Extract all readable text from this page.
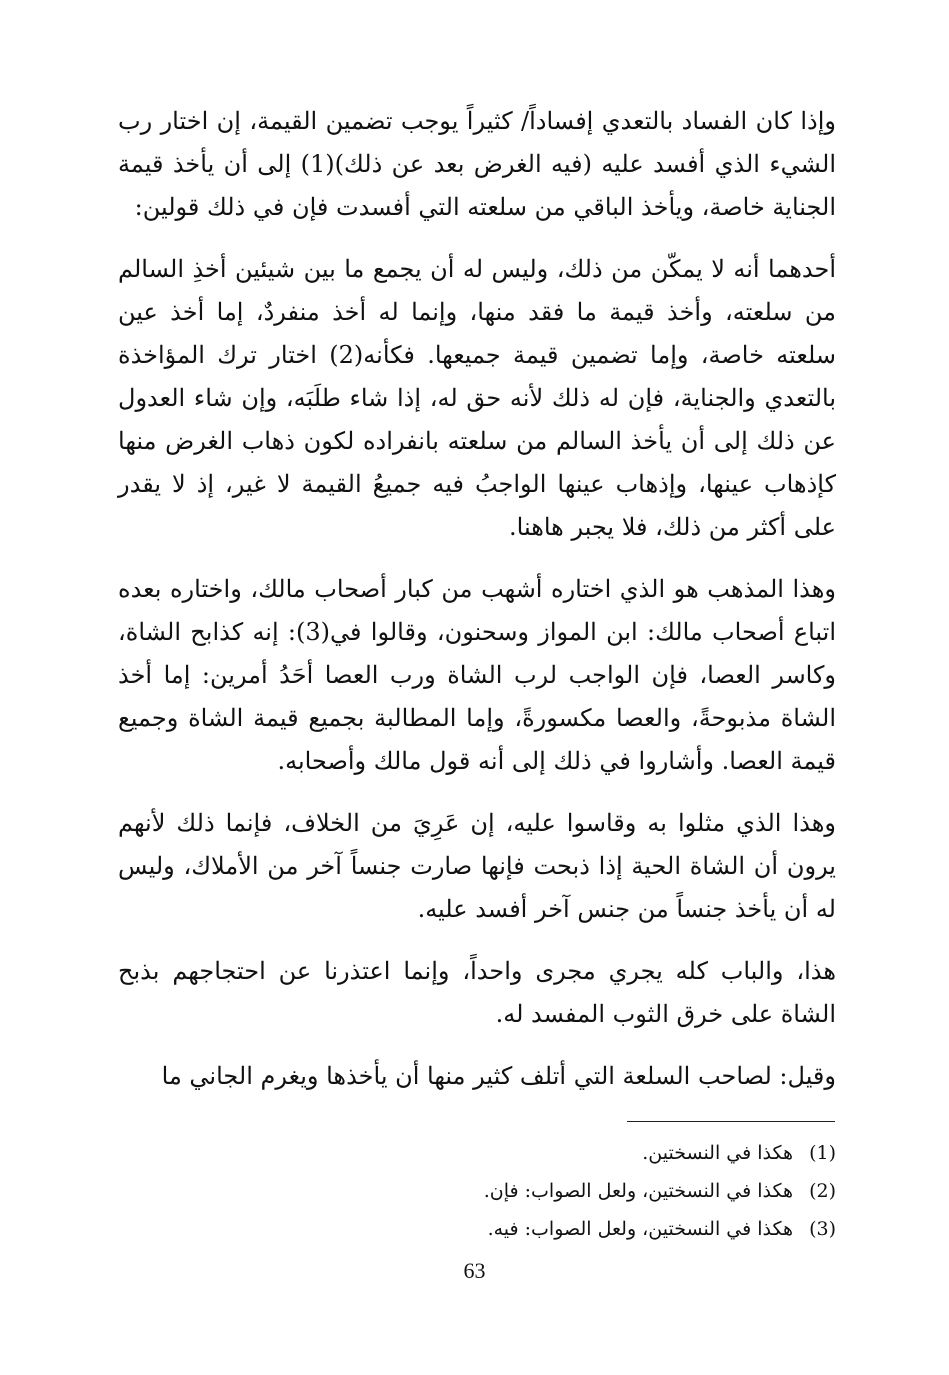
وإذا كان الفساد بالتعدي إفساداً/ كثيراً يوجب تضمين القيمة، إن اختار رب الشيء الذي أفسد عليه (فيه الغرض بعد عن ذلك)(1) إلى أن يأخذ قيمة الجناية خاصة، ويأخذ الباقي من سلعته التي أفسدت فإن في ذلك قولين:

أحدهما أنه لا يمكّن من ذلك، وليس له أن يجمع ما بين شيئين أخذِ السالم من سلعته، وأخذ قيمة ما فقد منها، وإنما له أخذ منفردٌ، إما أخذ عين سلعته خاصة، وإما تضمين قيمة جميعها. فكأنه(2) اختار ترك المؤاخذة بالتعدي والجناية، فإن له ذلك لأنه حق له، إذا شاء طلَبَه، وإن شاء العدول عن ذلك إلى أن يأخذ السالم من سلعته بانفراده لكون ذهاب الغرض منها كإذهاب عينها، وإذهاب عينها الواجبُ فيه جميعُ القيمة لا غير، إذ لا يقدر على أكثر من ذلك، فلا يجبر هاهنا.

وهذا المذهب هو الذي اختاره أشهب من كبار أصحاب مالك، واختاره بعده اتباع أصحاب مالك: ابن المواز وسحنون، وقالوا في(3): إنه كذابح الشاة، وكاسر العصا، فإن الواجب لرب الشاة ورب العصا أحَدُ أمرين: إما أخذ الشاة مذبوحةً، والعصا مكسورةً، وإما المطالبة بجميع قيمة الشاة وجميع قيمة العصا. وأشاروا في ذلك إلى أنه قول مالك وأصحابه.

وهذا الذي مثلوا به وقاسوا عليه، إن عَرِيَ من الخلاف، فإنما ذلك لأنهم يرون أن الشاة الحية إذا ذبحت فإنها صارت جنساً آخر من الأملاك، وليس له أن يأخذ جنساً من جنس آخر أفسد عليه.

هذا، والباب كله يجري مجرى واحداً، وإنما اعتذرنا عن احتجاجهم بذبح الشاة على خرق الثوب المفسد له.

وقيل: لصاحب السلعة التي أتلف كثير منها أن يأخذها ويغرم الجاني ما

(1) هكذا في النسختين.

(2) هكذا في النسختين، ولعل الصواب: فإن.

(3) هكذا في النسختين، ولعل الصواب: فيه.

63
